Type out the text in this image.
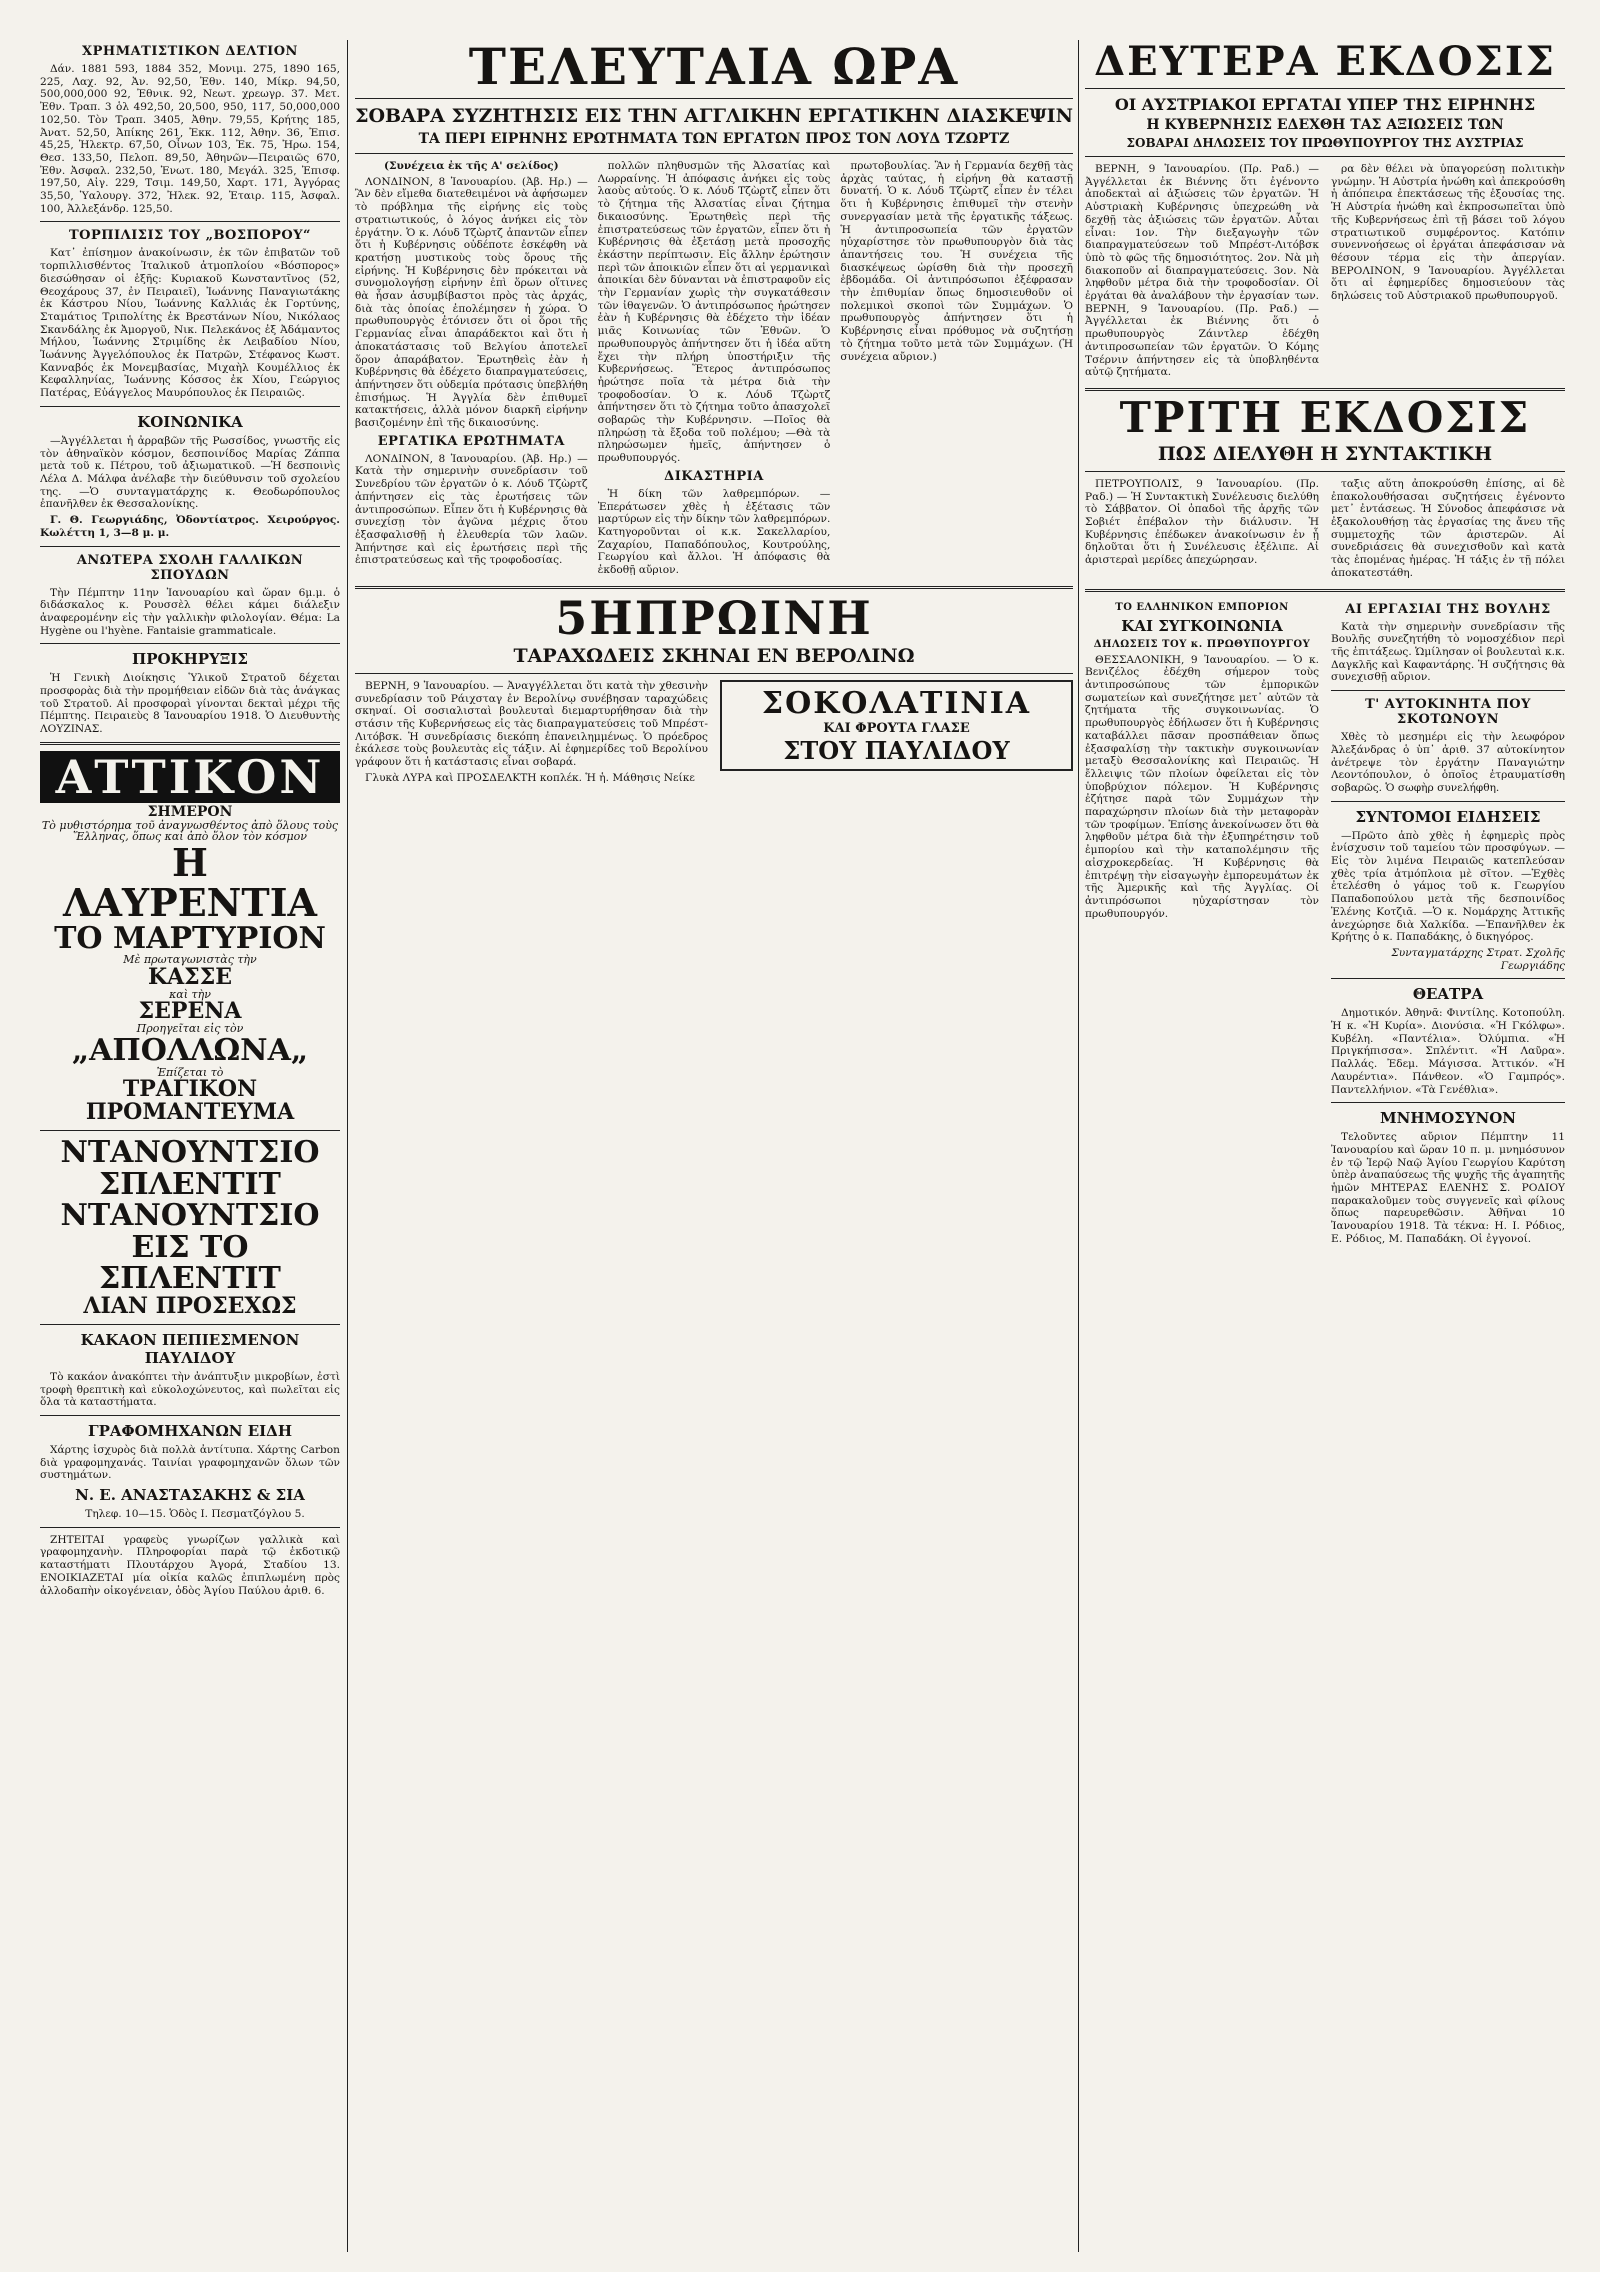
ΧΡΗΜΑΤΙΣΤΙΚΟΝ ΔΕΛΤΙΟΝ

Δάν. 1881 593, 1884 352, Μονιμ. 275, 1890 165, 225, Λαχ. 92, Ἀν. 92,50, Ἐθν. 140, Μίκρ. 94,50, 500,000,000 92, Ἐθνικ. 92, Νεωτ. χρεωγρ. 37. Μετ. Ἐθν. Τραπ. 3 ὁλ 492,50, 20,500, 950, 117, 50,000,000 102,50. Τὸν Τραπ. 3405, Ἀθην. 79,55, Κρήτης 185, Ἀνατ. 52,50, Ἀπίκης 261, Ἐκκ. 112, Ἀθην. 36, Ἐπισ. 45,25, Ἠλεκτρ. 67,50, Οἶνων 103, Ἐκ. 75, Ἠρω. 154, Θεσ. 133,50, Πελοπ. 89,50, Ἀθηνῶν—Πειραιῶς 670, Ἐθν. Ἀσφαλ. 232,50, Ἑνωτ. 180, Μεγάλ. 325, Ἐπισφ. 197,50, Αἰγ. 229, Τσιμ. 149,50, Χαρτ. 171, Ἀγγόρας 35,50, Ὑαλουργ. 372, Ἠλεκ. 92, Ἑταιρ. 115, Ἀσφαλ. 100, Ἀλλεξάνδρ. 125,50.

ΤΟΡΠΙΛΙΣΙΣ ΤΟΥ „ΒΟΣΠΟΡΟΥ“

Κατ᾽ ἐπίσημον ἀνακοίνωσιν, ἐκ τῶν ἐπιβατῶν τοῦ τορπιλλισθέντος Ἰταλικοῦ ἀτμοπλοίου «Βόσπορος» διεσώθησαν οἱ ἑξῆς: Κυριακοῦ Κωνσταντῖνος (52, Θεοχάρους 37, ἐν Πειραιεῖ), Ἰωάννης Παναγιωτάκης ἐκ Κάστρου Νίου, Ἰωάννης Καλλιάς ἐκ Γορτύνης, Σταμάτιος Τριπολίτης ἐκ Βρεστάνων Νίου, Νικόλαος Σκανδάλης ἐκ Ἀμοργοῦ, Νικ. Πελεκάνος ἐξ Ἀδάμαντος Μήλου, Ἰωάννης Στριμίδης ἐκ Λειβαδίου Νίου, Ἰωάννης Ἀγγελόπουλος ἐκ Πατρῶν, Στέφανος Κωστ. Κανναβός ἐκ Μονεμβασίας, Μιχαὴλ Κουμέλλιος ἐκ Κεφαλληνίας, Ἰωάννης Κόσσος ἐκ Χίου, Γεώργιος Πατέρας, Εὐάγγελος Μαυρόπουλος ἐκ Πειραιῶς.

ΚΟΙΝΩΝΙΚΑ

—Ἀγγέλλεται ἡ ἀρραβῶν τῆς Ρωσσίδος, γνωστῆς εἰς τὸν ἀθηναϊκὸν κόσμον, δεσποινίδος Μαρίας Ζάππα μετὰ τοῦ κ. Πέτρου, τοῦ ἀξιωματικοῦ. —Ἡ δεσποινὶς Λέλα Δ. Μάλφα ἀνέλαβε τὴν διεύθυνσιν τοῦ σχολείου της. —Ὁ συνταγματάρχης κ. Θεοδωρόπουλος ἐπανῆλθεν ἐκ Θεσσαλονίκης.

Γ. Θ. Γεωργιάδης, Ὀδοντίατρος. Χειρούργος. Κωλέττη 1, 3—8 μ. μ.

ΑΝΩΤΕΡΑ ΣΧΟΛΗ ΓΑΛΛΙΚΩΝ ΣΠΟΥΔΩΝ

Τὴν Πέμπτην 11ην Ἰανουαρίου καὶ ὥραν 6μ.μ. ὁ διδάσκαλος κ. Ρουσσὲλ θέλει κάμει διάλεξιν ἀναφερομένην εἰς τὴν γαλλικὴν φιλολογίαν. Θέμα: La Hygène ou l'hyène. Fantaisie grammaticale.

ΠΡΟΚΗΡΥΞΙΣ

Ἡ Γενικὴ Διοίκησις Ὑλικοῦ Στρατοῦ δέχεται προσφορὰς διὰ τὴν προμήθειαν εἰδῶν διὰ τὰς ἀνάγκας τοῦ Στρατοῦ. Αἱ προσφοραὶ γίνονται δεκταὶ μέχρι τῆς Πέμπτης. Πειραιεὺς 8 Ἰανουαρίου 1918. Ὁ Διευθυντὴς ΛΟΥΖΙΝΑΣ.

ΑΤΤΙΚΟΝ
ΣΗΜΕΡΟΝ
Τὸ μυθιστόρημα τοῦ ἀναγνωσθέντος ἀπὸ ὅλους τοὺς Ἕλληνας, ὅπως καὶ ἀπὸ ὅλον τὸν κόσμον
Η ΛΑΥΡΕΝΤΙΑ
ΤΟ ΜΑΡΤΥΡΙΟΝ
Μὲ πρωταγωνιστὰς τὴν
ΚΑΣΣΕ
καὶ τὴν
ΣΕΡΕΝΑ
Προηγεῖται εἰς τὸν
„ΑΠΟΛΛΩΝΑ„
Ἐπίζεται τὸ
ΤΡΑΓΙΚΟΝ ΠΡΟΜΑΝΤΕΥΜΑ
ΝΤΑΝΟΥΝΤΣΙΟ
ΣΠΛΕΝΤΙΤ
ΝΤΑΝΟΥΝΤΣΙΟ
ΕΙΣ ΤΟ ΣΠΛΕΝΤΙΤ
ΛΙΑΝ ΠΡΟΣΕΧΩΣ
ΚΑΚΑΟΝ ΠΕΠΙΕΣΜΕΝΟΝ ΠΑΥΛΙΔΟΥ

Τὸ κακάον ἀνακόπτει τὴν ἀνάπτυξιν μικροβίων, ἐστὶ τροφὴ θρεπτικὴ καὶ εὐκολοχώνευτος, καὶ πωλεῖται εἰς ὅλα τὰ καταστήματα.

ΓΡΑΦΟΜΗΧΑΝΩΝ ΕΙΔΗ

Χάρτης ἰσχυρὸς διὰ πολλὰ ἀντίτυπα. Χάρτης Carbon διὰ γραφομηχανάς. Ταινίαι γραφομηχανῶν ὅλων τῶν συστημάτων.

Ν. Ε. ΑΝΑΣΤΑΣΑΚΗΣ & ΣΙΑ
Τηλεφ. 10—15. Ὁδὸς Ι. Πεσματζόγλου 5.

ΖΗΤΕΙΤΑΙ γραφεὺς γνωρίζων γαλλικὰ καὶ γραφομηχανὴν. Πληροφορίαι παρὰ τῷ ἐκδοτικῷ καταστήματι Πλουτάρχου Ἀγορά, Σταδίου 13. ΕΝΟΙΚΙΑΖΕΤΑΙ μία οἰκία καλῶς ἐπιπλωμένη πρὸς ἀλλοδαπὴν οἰκογένειαν, ὁδὸς Ἁγίου Παύλου ἀριθ. 6.

ΤΕΛΕΥΤΑΙΑ ΩΡΑ
ΣΟΒΑΡΑ ΣΥΖΗΤΗΣΙΣ ΕΙΣ ΤΗΝ ΑΓΓΛΙΚΗΝ ΕΡΓΑΤΙΚΗΝ ΔΙΑΣΚΕΨΙΝ
ΤΑ ΠΕΡΙ ΕΙΡΗΝΗΣ ΕΡΩΤΗΜΑΤΑ ΤΩΝ ΕΡΓΑΤΩΝ ΠΡΟΣ ΤΟΝ ΛΟΥΔ ΤΖΩΡΤΖ
(Συνέχεια ἐκ τῆς Α' σελίδος)

ΛΟΝΔΙΝΟΝ, 8 Ἰανουαρίου. (Ἀβ. Ηρ.) — Ἂν δὲν εἴμεθα διατεθειμένοι νὰ ἀφήσωμεν τὸ πρόβλημα τῆς εἰρήνης εἰς τοὺς στρατιωτικούς, ὁ λόγος ἀνήκει εἰς τὸν ἐργάτην. Ὁ κ. Λόυδ Τζὼρτζ ἀπαντῶν εἶπεν ὅτι ἡ Κυβέρνησις οὐδέποτε ἐσκέφθη νὰ κρατήσῃ μυστικοὺς τοὺς ὅρους τῆς εἰρήνης. Ἡ Κυβέρνησις δὲν πρόκειται νὰ συνομολογήσῃ εἰρήνην ἐπὶ ὅρων οἵτινες θὰ ἦσαν ἀσυμβίβαστοι πρὸς τὰς ἀρχάς, διὰ τὰς ὁποίας ἐπολέμησεν ἡ χώρα. Ὁ πρωθυπουργὸς ἐτόνισεν ὅτι οἱ ὅροι τῆς Γερμανίας εἶναι ἀπαράδεκτοι καὶ ὅτι ἡ ἀποκατάστασις τοῦ Βελγίου ἀποτελεῖ ὅρον ἀπαράβατον. Ἐρωτηθεὶς ἐὰν ἡ Κυβέρνησις θὰ ἐδέχετο διαπραγματεύσεις, ἀπήντησεν ὅτι οὐδεμία πρότασις ὑπεβλήθη ἐπισήμως. Ἡ Ἀγγλία δὲν ἐπιθυμεῖ κατακτήσεις, ἀλλὰ μόνον διαρκῆ εἰρήνην βασιζομένην ἐπὶ τῆς δικαιοσύνης.

ΕΡΓΑΤΙΚΑ ΕΡΩΤΗΜΑΤΑ

ΛΟΝΔΙΝΟΝ, 8 Ἰανουαρίου. (Ἀβ. Ηρ.) — Κατὰ τὴν σημερινὴν συνεδρίασιν τοῦ Συνεδρίου τῶν ἐργατῶν ὁ κ. Λόυδ Τζὼρτζ ἀπήντησεν εἰς τὰς ἐρωτήσεις τῶν ἀντιπροσώπων. Εἶπεν ὅτι ἡ Κυβέρνησις θὰ συνεχίσῃ τὸν ἀγῶνα μέχρις ὅτου ἐξασφαλισθῇ ἡ ἐλευθερία τῶν λαῶν. Ἀπήντησε καὶ εἰς ἐρωτήσεις περὶ τῆς ἐπιστρατεύσεως καὶ τῆς τροφοδοσίας.

πολλῶν πληθυσμῶν τῆς Ἀλσατίας καὶ Λωρραίνης. Ἡ ἀπόφασις ἀνήκει εἰς τοὺς λαοὺς αὐτούς. Ὁ κ. Λόυδ Τζὼρτζ εἶπεν ὅτι τὸ ζήτημα τῆς Ἀλσατίας εἶναι ζήτημα δικαιοσύνης. Ἐρωτηθεὶς περὶ τῆς ἐπιστρατεύσεως τῶν ἐργατῶν, εἶπεν ὅτι ἡ Κυβέρνησις θὰ ἐξετάσῃ μετὰ προσοχῆς ἑκάστην περίπτωσιν. Εἰς ἄλλην ἐρώτησιν περὶ τῶν ἀποικιῶν εἶπεν ὅτι αἱ γερμανικαὶ ἀποικίαι δὲν δύνανται νὰ ἐπιστραφοῦν εἰς τὴν Γερμανίαν χωρὶς τὴν συγκατάθεσιν τῶν ἰθαγενῶν. Ὁ ἀντιπρόσωπος ἠρώτησεν ἐὰν ἡ Κυβέρνησις θὰ ἐδέχετο τὴν ἰδέαν μιᾶς Κοινωνίας τῶν Ἐθνῶν. Ὁ πρωθυπουργὸς ἀπήντησεν ὅτι ἡ ἰδέα αὕτη ἔχει τὴν πλήρη ὑποστήριξιν τῆς Κυβερνήσεως. Ἕτερος ἀντιπρόσωπος ἠρώτησε ποῖα τὰ μέτρα διὰ τὴν τροφοδοσίαν. Ὁ κ. Λόυδ Τζὼρτζ ἀπήντησεν ὅτι τὸ ζήτημα τοῦτο ἀπασχολεῖ σοβαρῶς τὴν Κυβέρνησιν. —Ποῖος θὰ πληρώσῃ τὰ ἔξοδα τοῦ πολέμου; —Θὰ τὰ πληρώσωμεν ἡμεῖς, ἀπήντησεν ὁ πρωθυπουργός.

ΔΙΚΑΣΤΗΡΙΑ

Ἡ δίκη τῶν λαθρεμπόρων. — Ἐπεράτωσεν χθὲς ἡ ἐξέτασις τῶν μαρτύρων εἰς τὴν δίκην τῶν λαθρεμπόρων. Κατηγοροῦνται οἱ κ.κ. Σακελλαρίου, Ζαχαρίου, Παπαδόπουλος, Κουτρούλης, Γεωργίου καὶ ἄλλοι. Ἡ ἀπόφασις θὰ ἐκδοθῇ αὔριον.

πρωτοβουλίας. Ἂν ἡ Γερμανία δεχθῇ τὰς ἀρχὰς ταύτας, ἡ εἰρήνη θὰ καταστῇ δυνατή. Ὁ κ. Λόυδ Τζὼρτζ εἶπεν ἐν τέλει ὅτι ἡ Κυβέρνησις ἐπιθυμεῖ τὴν στενὴν συνεργασίαν μετὰ τῆς ἐργατικῆς τάξεως. Ἡ ἀντιπροσωπεία τῶν ἐργατῶν ηὐχαρίστησε τὸν πρωθυπουργὸν διὰ τὰς ἀπαντήσεις του. Ἡ συνέχεια τῆς διασκέψεως ὡρίσθη διὰ τὴν προσεχῆ ἑβδομάδα. Οἱ ἀντιπρόσωποι ἐξέφρασαν τὴν ἐπιθυμίαν ὅπως δημοσιευθοῦν οἱ πολεμικοὶ σκοποὶ τῶν Συμμάχων. Ὁ πρωθυπουργὸς ἀπήντησεν ὅτι ἡ Κυβέρνησις εἶναι πρόθυμος νὰ συζητήσῃ τὸ ζήτημα τοῦτο μετὰ τῶν Συμμάχων. (Ἡ συνέχεια αὔριον.)

5ΗΠΡΩΙΝΗ
ΤΑΡΑΧΩΔΕΙΣ ΣΚΗΝΑΙ ΕΝ ΒΕΡΟΛΙΝΩ

ΒΕΡΝΗ, 9 Ἰανουαρίου. — Ἀναγγέλλεται ὅτι κατὰ τὴν χθεσινὴν συνεδρίασιν τοῦ Ράιχσταγ ἐν Βερολίνῳ συνέβησαν ταραχώδεις σκηναί. Οἱ σοσιαλισταὶ βουλευταὶ διεμαρτυρήθησαν διὰ τὴν στάσιν τῆς Κυβερνήσεως εἰς τὰς διαπραγματεύσεις τοῦ Μπρέστ-Λιτόβσκ. Ἡ συνεδρίασις διεκόπη ἐπανειλημμένως. Ὁ πρόεδρος ἐκάλεσε τοὺς βουλευτὰς εἰς τάξιν. Αἱ ἐφημερίδες τοῦ Βερολίνου γράφουν ὅτι ἡ κατάστασις εἶναι σοβαρά.

Γλυκὰ ΛΥΡΑ καὶ ΠΡΟΣΔΕΛΚΤΗ κοπλέκ. Ἡ ἡ. Μάθησις Νείκε

ΣΟΚΟΛΑΤΙΝΙΑ
ΚΑΙ ΦΡΟΥΤΑ ΓΛΑΣΕ
ΣΤΟΥ ΠΑΥΛΙΔΟΥ
ΔΕΥΤΕΡΑ ΕΚΔΟΣΙΣ
ΟΙ ΑΥΣΤΡΙΑΚΟΙ ΕΡΓΑΤΑΙ ΥΠΕΡ ΤΗΣ ΕΙΡΗΝΗΣ
Η ΚΥΒΕΡΝΗΣΙΣ ΕΔΕΧΘΗ ΤΑΣ ΑΞΙΩΣΕΙΣ ΤΩΝ
ΣΟΒΑΡΑΙ ΔΗΛΩΣΕΙΣ ΤΟΥ ΠΡΩΘΥΠΟΥΡΓΟΥ ΤΗΣ ΑΥΣΤΡΙΑΣ

ΒΕΡΝΗ, 9 Ἰανουαρίου. (Πρ. Ραδ.) — Ἀγγέλλεται ἐκ Βιέννης ὅτι ἐγένοντο ἀποδεκταὶ αἱ ἀξιώσεις τῶν ἐργατῶν. Ἡ Αὐστριακὴ Κυβέρνησις ὑπεχρεώθη νὰ δεχθῇ τὰς ἀξιώσεις τῶν ἐργατῶν. Αὗται εἶναι: 1ον. Τὴν διεξαγωγὴν τῶν διαπραγματεύσεων τοῦ Μπρέστ-Λιτόβσκ ὑπὸ τὸ φῶς τῆς δημοσιότητος. 2ον. Νὰ μὴ διακοποῦν αἱ διαπραγματεύσεις. 3ον. Νὰ ληφθοῦν μέτρα διὰ τὴν τροφοδοσίαν. Οἱ ἐργάται θὰ ἀναλάβουν τὴν ἐργασίαν των. ΒΕΡΝΗ, 9 Ἰανουαρίου. (Πρ. Ραδ.) — Ἀγγέλλεται ἐκ Βιέννης ὅτι ὁ πρωθυπουργὸς Ζάιντλερ ἐδέχθη ἀντιπροσωπείαν τῶν ἐργατῶν. Ὁ Κόμης Τσέρνιν ἀπήντησεν εἰς τὰ ὑποβληθέντα αὐτῷ ζητήματα.

ρα δὲν θέλει νὰ ὑπαγορεύσῃ πολιτικὴν γνώμην. Ἡ Αὐστρία ἠνώθη καὶ ἀπεκρούσθη ἡ ἀπόπειρα ἐπεκτάσεως τῆς ἐξουσίας της. Ἡ Αὐστρία ἠνώθη καὶ ἐκπροσωπεῖται ὑπὸ τῆς Κυβερνήσεως ἐπὶ τῇ βάσει τοῦ λόγου στρατιωτικοῦ συμφέροντος. Κατόπιν συνεννοήσεως οἱ ἐργάται ἀπεφάσισαν νὰ θέσουν τέρμα εἰς τὴν ἀπεργίαν. ΒΕΡΟΛΙΝΟΝ, 9 Ἰανουαρίου. Ἀγγέλλεται ὅτι αἱ ἐφημερίδες δημοσιεύουν τὰς δηλώσεις τοῦ Αὐστριακοῦ πρωθυπουργοῦ.

ΤΡΙΤΗ ΕΚΔΟΣΙΣ
ΠΩΣ ΔΙΕΛΥΘΗ Η ΣΥΝΤΑΚΤΙΚΗ

ΠΕΤΡΟΥΠΟΛΙΣ, 9 Ἰανουαρίου. (Πρ. Ραδ.) — Ἡ Συντακτικὴ Συνέλευσις διελύθη τὸ Σάββατον. Οἱ ὀπαδοὶ τῆς ἀρχῆς τῶν Σοβιέτ ἐπέβαλον τὴν διάλυσιν. Ἡ Κυβέρνησις ἐπέδωκεν ἀνακοίνωσιν ἐν ᾗ δηλοῦται ὅτι ἡ Συνέλευσις ἐξέλιπε. Αἱ ἀριστεραὶ μερίδες ἀπεχώρησαν.

ταξις αὕτη ἀποκρούσθη ἐπίσης, αἱ δὲ ἐπακολουθήσασαι συζητήσεις ἐγένοντο μετ᾽ ἐντάσεως. Ἡ Σύνοδος ἀπεφάσισε νὰ ἐξακολουθήσῃ τὰς ἐργασίας της ἄνευ τῆς συμμετοχῆς τῶν ἀριστερῶν. Αἱ συνεδριάσεις θὰ συνεχισθοῦν καὶ κατὰ τὰς ἑπομένας ἡμέρας. Ἡ τάξις ἐν τῇ πόλει ἀποκατεστάθη.

ΤΟ ΕΛΛΗΝΙΚΟΝ ΕΜΠΟΡΙΟΝ
ΚΑΙ ΣΥΓΚΟΙΝΩΝΙΑ
ΔΗΛΩΣΕΙΣ ΤΟΥ κ. ΠΡΩΘΥΠΟΥΡΓΟΥ

ΘΕΣΣΑΛΟΝΙΚΗ, 9 Ἰανουαρίου. — Ὁ κ. Βενιζέλος ἐδέχθη σήμερον τοὺς ἀντιπροσώπους τῶν ἐμπορικῶν σωματείων καὶ συνεζήτησε μετ᾽ αὐτῶν τὰ ζητήματα τῆς συγκοινωνίας. Ὁ πρωθυπουργὸς ἐδήλωσεν ὅτι ἡ Κυβέρνησις καταβάλλει πᾶσαν προσπάθειαν ὅπως ἐξασφαλίσῃ τὴν τακτικὴν συγκοινωνίαν μεταξὺ Θεσσαλονίκης καὶ Πειραιῶς. Ἡ ἔλλειψις τῶν πλοίων ὀφείλεται εἰς τὸν ὑποβρύχιον πόλεμον. Ἡ Κυβέρνησις ἐζήτησε παρὰ τῶν Συμμάχων τὴν παραχώρησιν πλοίων διὰ τὴν μεταφορὰν τῶν τροφίμων. Ἐπίσης ἀνεκοίνωσεν ὅτι θὰ ληφθοῦν μέτρα διὰ τὴν ἐξυπηρέτησιν τοῦ ἐμπορίου καὶ τὴν καταπολέμησιν τῆς αἰσχροκερδείας. Ἡ Κυβέρνησις θὰ ἐπιτρέψῃ τὴν εἰσαγωγὴν ἐμπορευμάτων ἐκ τῆς Ἀμερικῆς καὶ τῆς Ἀγγλίας. Οἱ ἀντιπρόσωποι ηὐχαρίστησαν τὸν πρωθυπουργόν.

ΑΙ ΕΡΓΑΣΙΑΙ ΤΗΣ ΒΟΥΛΗΣ

Κατὰ τὴν σημερινὴν συνεδρίασιν τῆς Βουλῆς συνεζητήθη τὸ νομοσχέδιον περὶ τῆς ἐπιτάξεως. Ὡμίλησαν οἱ βουλευταὶ κ.κ. Δαγκλῆς καὶ Καφαντάρης. Ἡ συζήτησις θὰ συνεχισθῇ αὔριον.

Τ' ΑΥΤΟΚΙΝΗΤΑ ΠΟΥ ΣΚΟΤΩΝΟΥΝ

Χθὲς τὸ μεσημέρι εἰς τὴν λεωφόρον Ἀλεξάνδρας ὁ ὑπ᾽ ἀριθ. 37 αὐτοκίνητον ἀνέτρεψε τὸν ἐργάτην Παναγιώτην Λεοντόπουλον, ὁ ὁποῖος ἐτραυματίσθη σοβαρῶς. Ὁ σωφὴρ συνελήφθη.

ΣΥΝΤΟΜΟΙ ΕΙΔΗΣΕΙΣ

—Πρῶτο ἀπὸ χθὲς ἡ ἐφημερὶς πρὸς ἐνίσχυσιν τοῦ ταμείου τῶν προσφύγων. —Εἰς τὸν λιμένα Πειραιῶς κατεπλεύσαν χθὲς τρία ἀτμόπλοια μὲ σῖτον. —Ἐχθὲς ἐτελέσθη ὁ γάμος τοῦ κ. Γεωργίου Παπαδοπούλου μετὰ τῆς δεσποινίδος Ἑλένης Κοτζιᾶ. —Ὁ κ. Νομάρχης Ἀττικῆς ἀνεχώρησε διὰ Χαλκίδα. —Ἐπανῆλθεν ἐκ Κρήτης ὁ κ. Παπαδάκης, ὁ δικηγόρος.

Συνταγματάρχης Στρατ. Σχολῆς Γεωργιάδης
ΘΕΑΤΡΑ

Δημοτικόν. Ἀθηνᾶ: Φιντίλης. Κοτοπούλη. Ἡ κ. «Ἡ Κυρία». Διονύσια. «Ἡ Γκόλφω». Κυβέλη. «Παντέλια». Ὀλύμπια. «Ἡ Πριγκήπισσα». Σπλέντιτ. «Ἡ Λαῦρα». Παλλάς. Ἐδεμ. Μάγισσα. Ἀττικόν. «Ἡ Λαυρέντια». Πάνθεον. «Ὁ Γαμπρός». Παντελλήνιον. «Τὰ Γενέθλια».

ΜΝΗΜΟΣΥΝΟΝ

Τελοῦντες αὔριον Πέμπτην 11 Ἰανουαρίου καὶ ὥραν 10 π. μ. μνημόσυνον ἐν τῷ Ἱερῷ Ναῷ Ἁγίου Γεωργίου Καρύτση ὑπὲρ ἀναπαύσεως τῆς ψυχῆς τῆς ἀγαπητῆς ἡμῶν ΜΗΤΕΡΑΣ ΕΛΕΝΗΣ Σ. ΡΟΔΙΟΥ παρακαλοῦμεν τοὺς συγγενεῖς καὶ φίλους ὅπως παρευρεθῶσιν. Ἀθῆναι 10 Ἰανουαρίου 1918. Τὰ τέκνα: Η. Ι. Ρόδιος, Ε. Ρόδιος, Μ. Παπαδάκη. Οἱ ἐγγονοί.
